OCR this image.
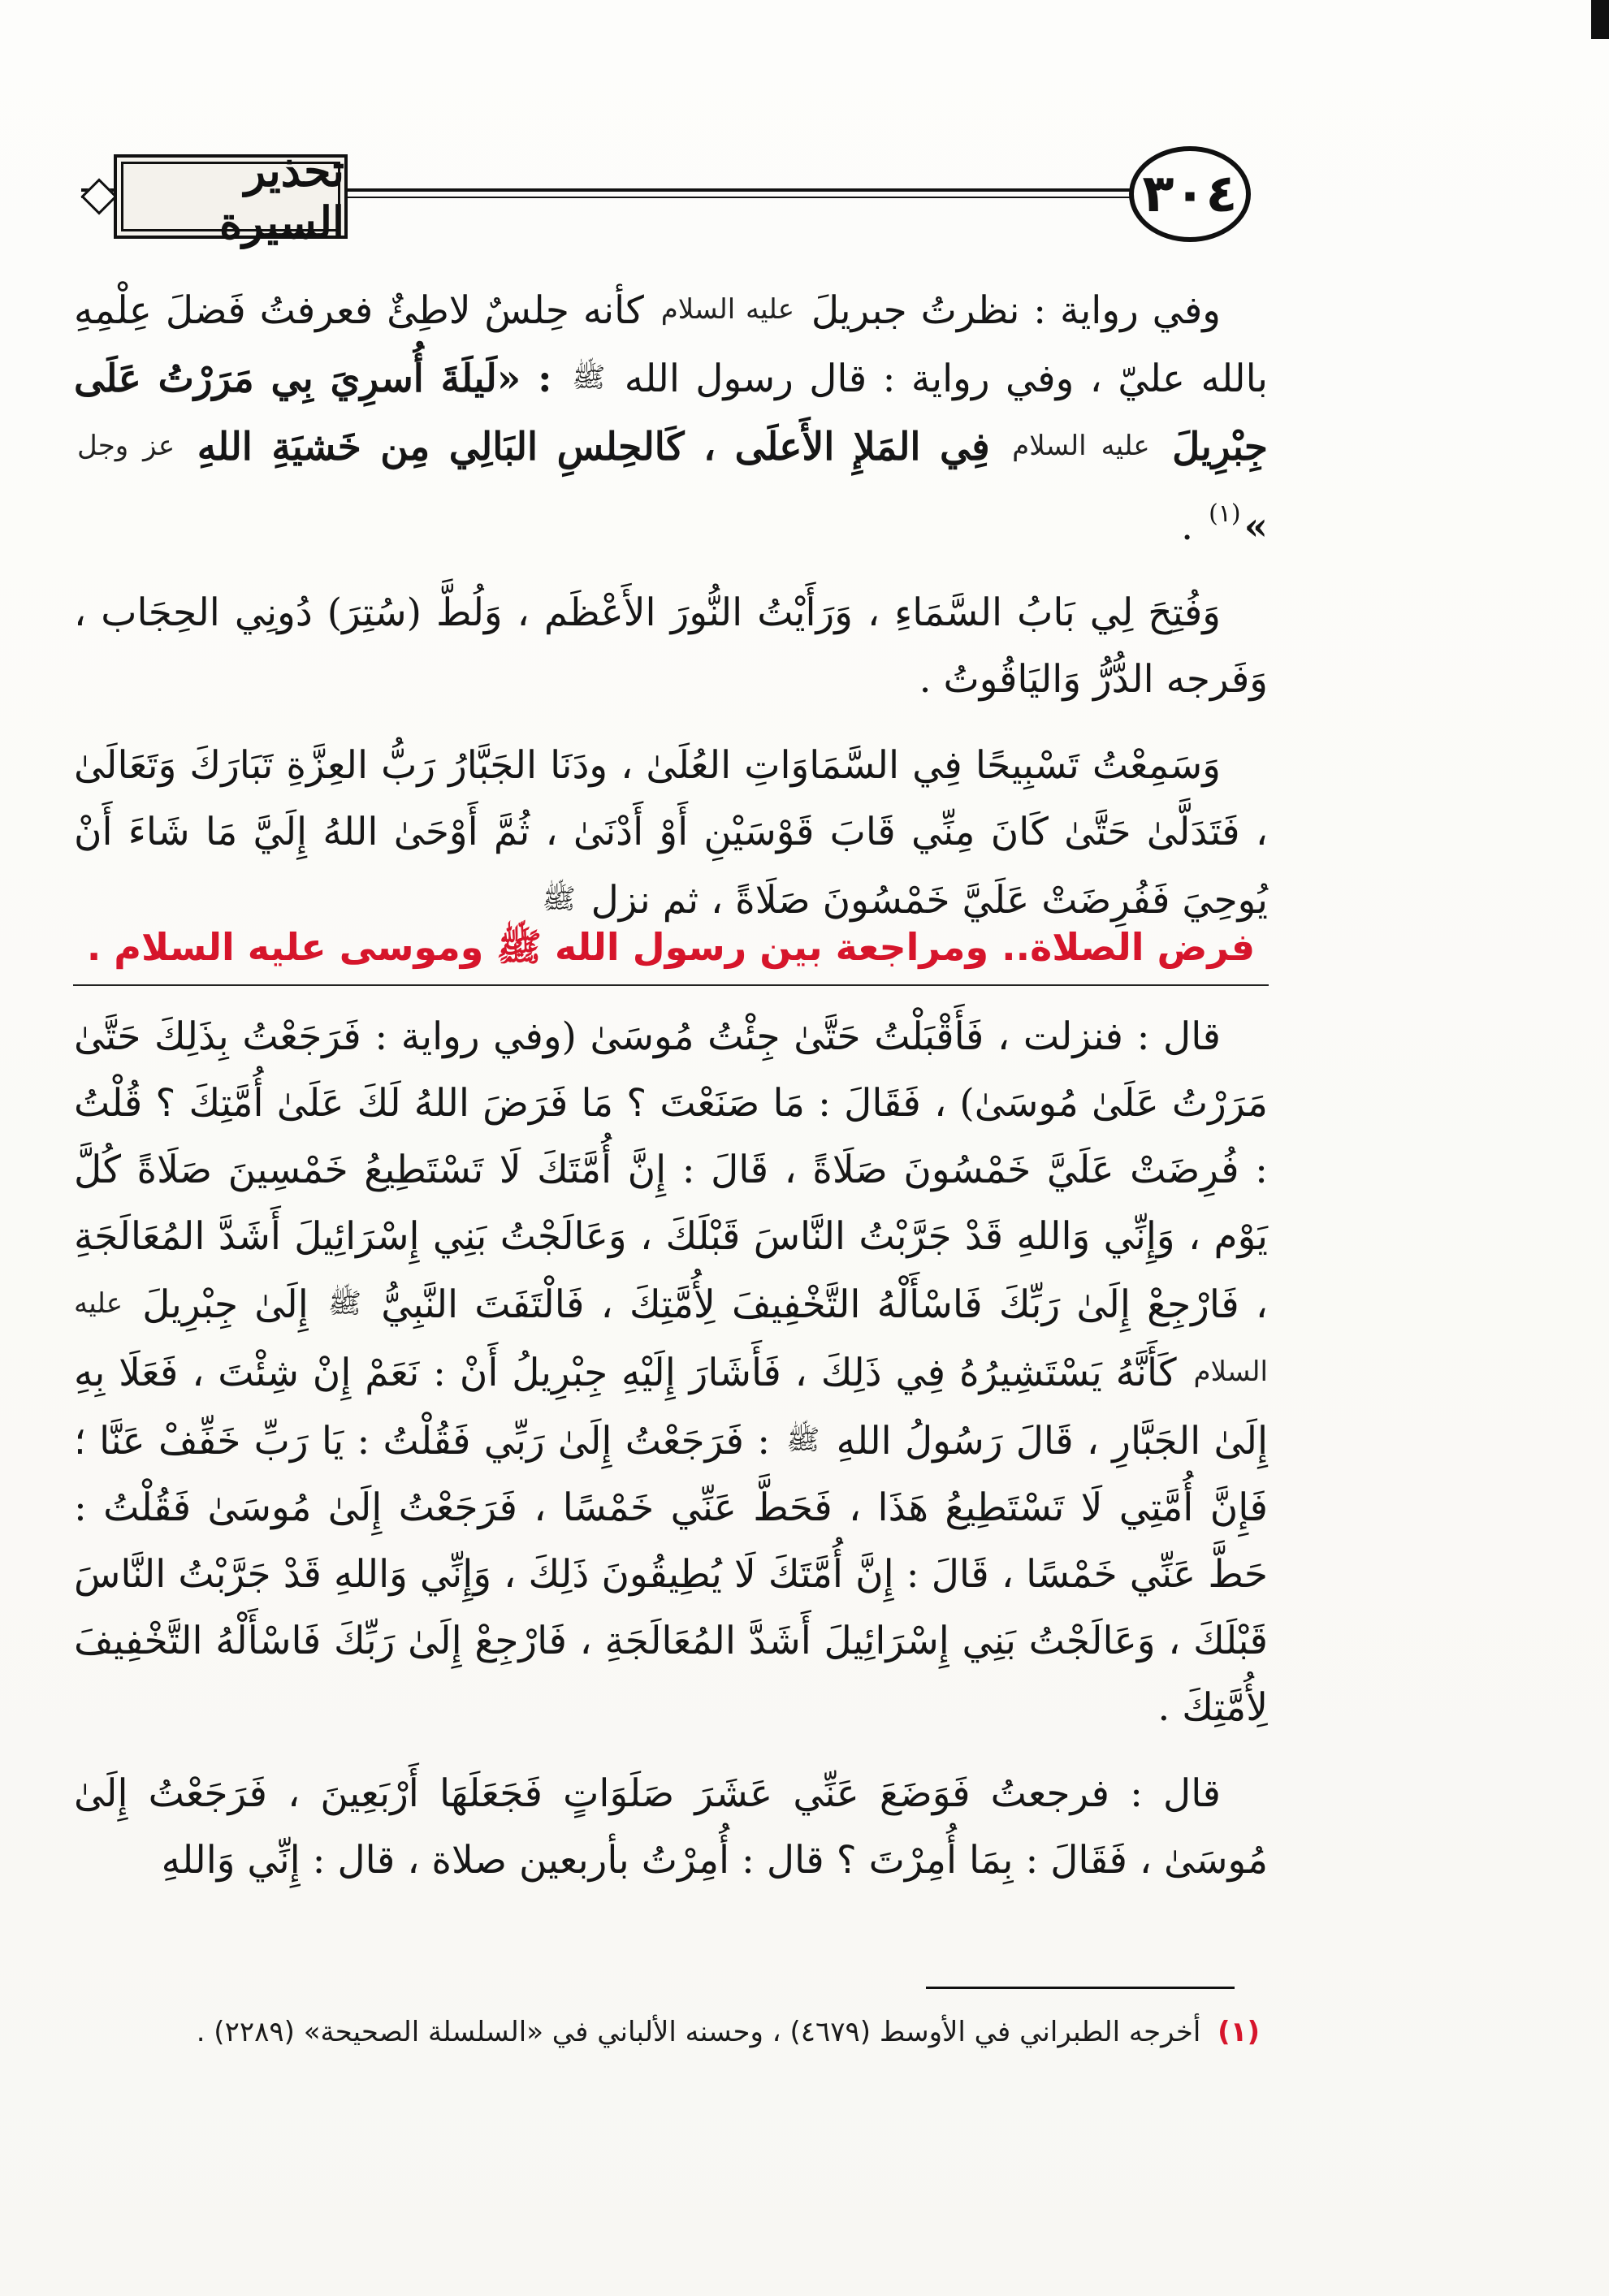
تحذير السيرة	٣٠٤

وفي رواية : نظرتُ جبريلَ عليه السلام كأنه حِلسٌ لاطِئٌ فعرفتُ فَضلَ عِلْمِهِ بالله عليّ ، وفي رواية : قال رسول الله ﷺ : «لَيلَةَ أُسرِيَ بِي مَرَرْتُ عَلَى جِبْرِيلَ عليه السلام فِي المَلإِ الأَعلَى ، كَالحِلسِ البَالِي مِن خَشيَةِ اللهِ عز وجل »$^{(١)}$ .

وَفُتِحَ لِي بَابُ السَّمَاءِ ، وَرَأَيْتُ النُّورَ الأَعْظَم ، وَلُطَّ (سُتِرَ) دُونِي الحِجَاب ، وَفَرجه الدُّرُّ وَاليَاقُوتُ .

وَسَمِعْتُ تَسْبِيحًا فِي السَّمَاوَاتِ العُلَىٰ ، ودَنَا الجَبَّارُ رَبُّ العِزَّةِ تَبَارَكَ وَتَعَالَىٰ ، فَتَدَلَّىٰ حَتَّىٰ كَانَ مِنِّي قَابَ قَوْسَيْنِ أَوْ أَدْنَىٰ ، ثُمَّ أَوْحَىٰ اللهُ إِلَيَّ مَا شَاءَ أَنْ يُوحِيَ فَفُرِضَتْ عَلَيَّ خَمْسُونَ صَلَاةً ، ثم نزل ﷺ

فرض الصلاة.. ومراجعة بين رسول الله ﷺ وموسى عليه السلام .

قال : فنزلت ، فَأَقْبَلْتُ حَتَّىٰ جِئْتُ مُوسَىٰ (وفي رواية : فَرَجَعْتُ بِذَلِكَ حَتَّىٰ مَرَرْتُ عَلَىٰ مُوسَىٰ) ، فَقَالَ : مَا صَنَعْتَ ؟ مَا فَرَضَ اللهُ لَكَ عَلَىٰ أُمَّتِكَ ؟ قُلْتُ : فُرِضَتْ عَلَيَّ خَمْسُونَ صَلَاةً ، قَالَ : إِنَّ أُمَّتَكَ لَا تَسْتَطِيعُ خَمْسِينَ صَلَاةً كُلَّ يَوْم ، وَإِنِّي وَاللهِ قَدْ جَرَّبْتُ النَّاسَ قَبْلَكَ ، وَعَالَجْتُ بَنِي إِسْرَائِيلَ أَشَدَّ المُعَالَجَةِ ، فَارْجِعْ إِلَىٰ رَبِّكَ فَاسْأَلْهُ التَّخْفِيفَ لِأُمَّتِكَ ، فَالْتَفَتَ النَّبِيُّ ﷺ إِلَىٰ جِبْرِيلَ عليه السلام كَأَنَّهُ يَسْتَشِيرُهُ فِي ذَلِكَ ، فَأَشَارَ إِلَيْهِ جِبْرِيلُ أَنْ : نَعَمْ إِنْ شِئْتَ ، فَعَلَا بِهِ إِلَىٰ الجَبَّارِ ، قَالَ رَسُولُ اللهِ ﷺ : فَرَجَعْتُ إِلَىٰ رَبِّي فَقُلْتُ : يَا رَبِّ خَفِّفْ عَنَّا ؛ فَإِنَّ أُمَّتِي لَا تَسْتَطِيعُ هَذَا ، فَحَطَّ عَنِّي خَمْسًا ، فَرَجَعْتُ إِلَىٰ مُوسَىٰ فَقُلْتُ : حَطَّ عَنِّي خَمْسًا ، قَالَ : إِنَّ أُمَّتَكَ لَا يُطِيقُونَ ذَلِكَ ، وَإِنِّي وَاللهِ قَدْ جَرَّبْتُ النَّاسَ قَبْلَكَ ، وَعَالَجْتُ بَنِي إِسْرَائِيلَ أَشَدَّ المُعَالَجَةِ ، فَارْجِعْ إِلَىٰ رَبِّكَ فَاسْأَلْهُ التَّخْفِيفَ لِأُمَّتِكَ .

قال : فرجعتُ فَوَضَعَ عَنِّي عَشَرَ صَلَوَاتٍ فَجَعَلَهَا أَرْبَعِينَ ، فَرَجَعْتُ إِلَىٰ مُوسَىٰ ، فَقَالَ : بِمَا أُمِرْتَ ؟ قال : أُمِرْتُ بأربعين صلاة ، قال : إِنِّي وَاللهِ

(١) أخرجه الطبراني في الأوسط (٤٦٧٩) ، وحسنه الألباني في «السلسلة الصحيحة» (٢٢٨٩) .
